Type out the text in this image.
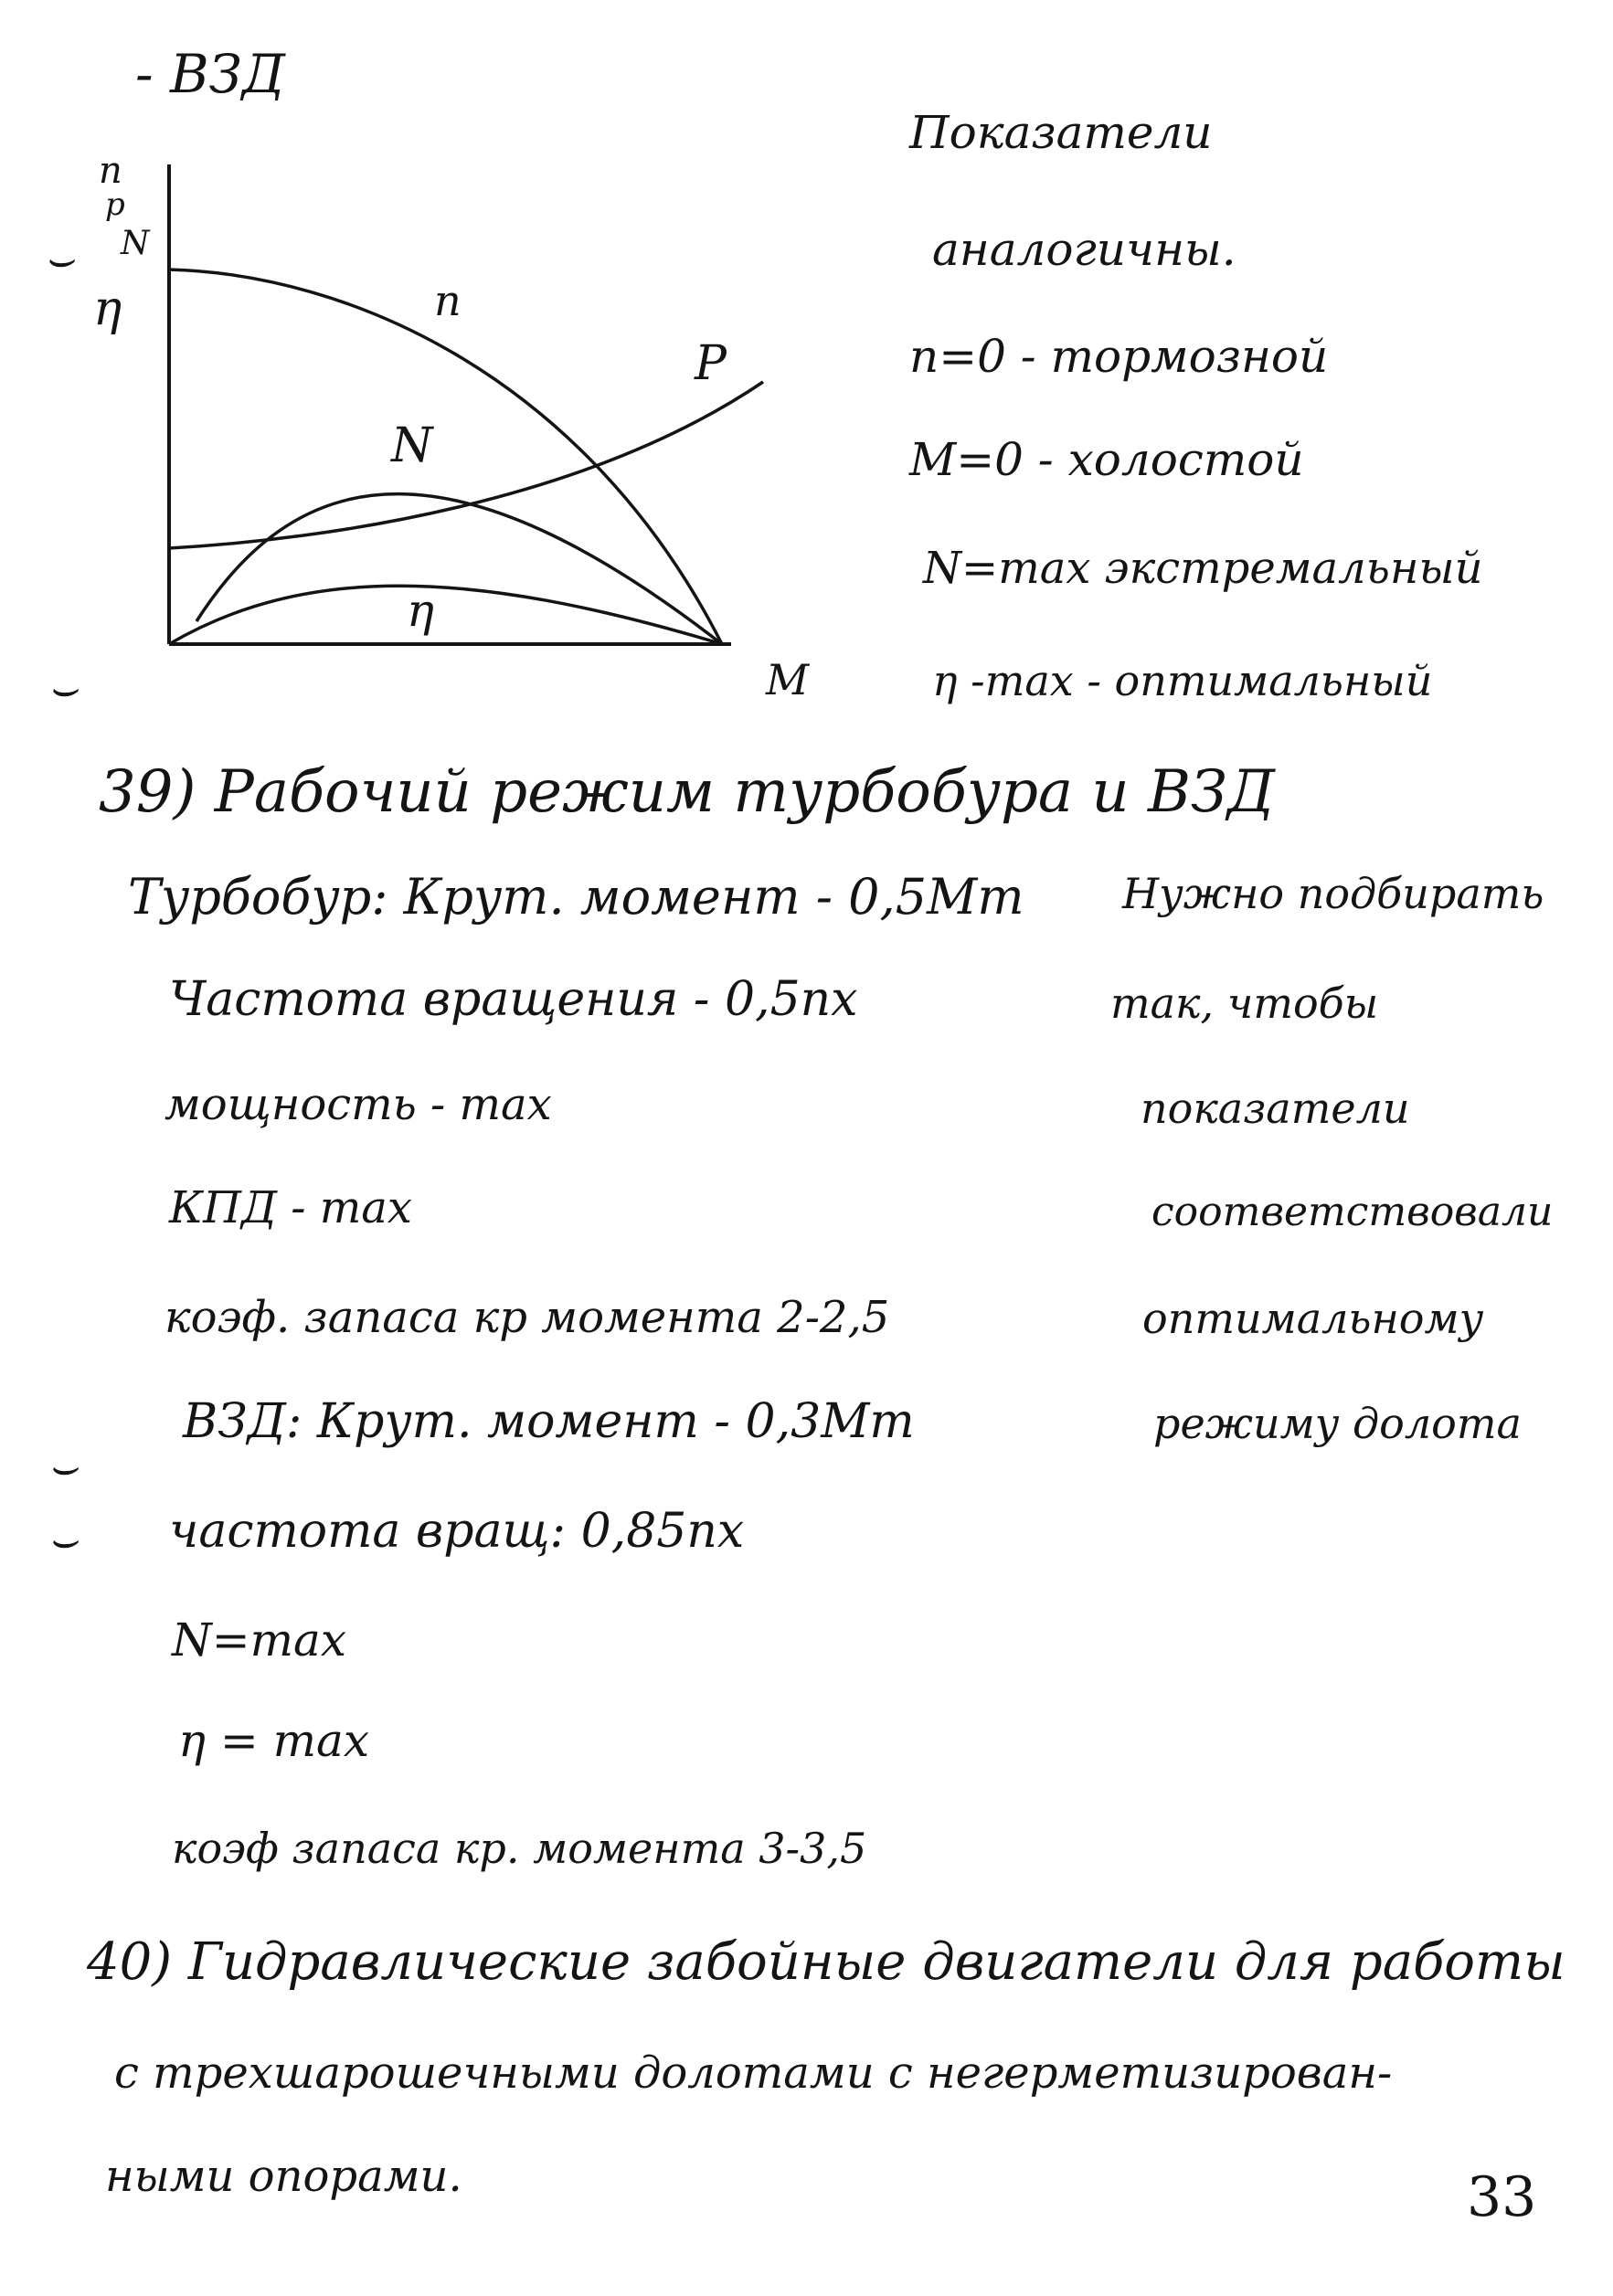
- ВЗД
n
p
N
η
M
n
P
N
η
Показатели
аналогичны.
n=0 - тормозной
M=0 - холостой
N=max экстремальный
η -max - оптимальный
⌣
⌣
⌣
⌣
39) Рабочий режим турбобура и ВЗД
Турбобур: Крут. момент - 0,5Mт
Частота вращения - 0,5nх
мощность - max
КПД - max
коэф. запаса кр момента 2-2,5
ВЗД: Крут. момент - 0,3Mт
частота вращ: 0,85nх
N=max
η = max
коэф запаса кр. момента 3-3,5
Нужно подбирать
так, чтобы
показатели
соответствовали
оптимальному
режиму долота
40) Гидравлические забойные двигатели для работы
с трехшарошечными долотами с негерметизирован-
ными опорами.	33
